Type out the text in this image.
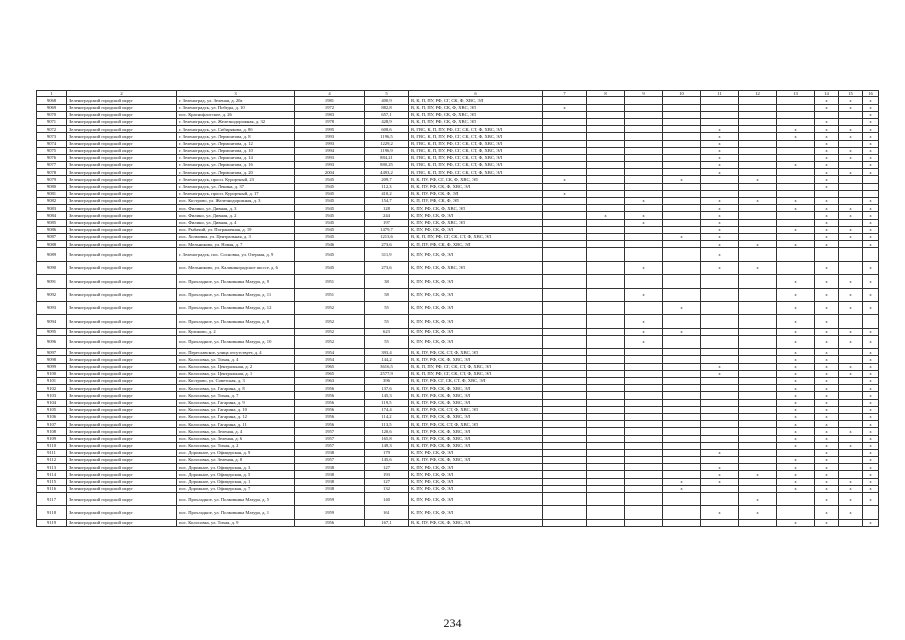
1	2	3	4	5	6	7	8	9	10	11	12	13	14	15	16
9068	Зеленоградский городской округ	г. Зеленоград, ул. Зеленая, д. 20а	1981	400,9	В, К, П, ПУ, РФ, СГ, СК, Ф, ХВС, ЭЛ								x	x	x
9069	Зеленоградский городской округ	г. Зеленоградск, ул. Победы, д. 10	1972	882,8	В, К, П, ПУ, РФ, СК, Ф, ХВС, ЭЛ	x							x	x	x
9070	Зеленоградский городской округ	пос. Краснофлотское, д. 26	1983	657,1	В, К, П, ПУ, РФ, СК, Ф, ХВС, ЭЛ										x
9071	Зеленоградский городской округ	г. Зеленоградск, ул. Железнодорожная, д. 32	1978	428,9	В, К, П, ПУ, РФ, СК, Ф, ХВС, ЭЛ								x		x
9072	Зеленоградский городской округ	г. Зеленоградск, ул. Сибирякова, д. 8б	1995	608,6	В, ГВС, К, П, ПУ, РФ, СГ, СК, СТ, Ф, ХВС, ЭЛ					x		x	x	x	x
9073	Зеленоградский городской округ	г. Зеленоградск, ул. Лермонтова, д. 8	1993	1196,5	В, ГВС, К, П, ПУ, РФ, СГ, СК, СТ, Ф, ХВС, ЭЛ					x		x	x	x	x
9074	Зеленоградский городской округ	г. Зеленоградск, ул. Лермонтова, д. 12	1993	1229,2	В, ГВС, К, П, ПУ, РФ, СГ, СК, СТ, Ф, ХВС, ЭЛ					x			x		x
9075	Зеленоградский городской округ	г. Зеленоградск, ул. Лермонтова, д. 10	1994	1196,9	В, ГВС, К, П, ПУ, РФ, СГ, СК, СТ, Ф, ХВС, ЭЛ					x			x	x	x
9076	Зеленоградский городской округ	г. Зеленоградск, ул. Лермонтова, д. 14	1993	884,21	В, ГВС, К, П, ПУ, РФ, СГ, СК, СТ, Ф, ХВС, ЭЛ					x			x	x	x
9077	Зеленоградский городской округ	г. Зеленоградск, ул. Лермонтова, д. 16	1993	880,25	В, ГВС, К, П, ПУ, РФ, СГ, СК, СТ, Ф, ХВС, ЭЛ					x		x	x		x
9078	Зеленоградский городской округ	г. Зеленоградск, ул. Лермонтова, д. 20	2004	4493,2	В, ГВС, К, П, ПУ, РФ, СГ, СК, СТ, Ф, ХВС, ЭЛ					x			x	x	x
9079	Зеленоградский городской округ	г. Зеленоградск, просп. Курортный, 23	1945	209,7	В, К, ПУ, РФ, СГ, СК, Ф, ХВС, ЭЛ	x			x		x		x		
9080	Зеленоградский городской округ	г. Зеленоградск, ул. Ленина, д. 37	1945	112,3	В, К, ПУ, РФ, СК, Ф, ХВС, ЭЛ								x		
9081	Зеленоградский городской округ	г. Зеленоградск, просп. Курортный, д. 17	1945	410,2	В, К, ПУ, РФ, СК, Ф, ЭЛ	x									
9082	Зеленоградский городской округ	пос. Кострово, ул. Железнодорожная, д. 3	1945	154,7	К, П, ПУ, РФ, СК, Ф, ЭЛ			x		x	x	x	x		x
9083	Зеленоградский городской округ	пос. Филино, ул. Дивная, д. 3	1945	128	К, ПУ, РФ, СК, Ф, ХВС, ЭЛ					x		x	x	x	x
9084	Зеленоградский городской округ	пос. Филино, ул. Дивная, д. 2	1945	244	К, ПУ, РФ, СК, Ф, ЭЛ		x	x		x			x	x	x
9085	Зеленоградский городской округ	пос. Филино, ул. Дивная, д. 4	1945	197	К, ПУ, РФ, СК, Ф, ХВС, ЭЛ			x		x			x		x
9086	Зеленоградский городской округ	пос. Рыбачий, ул. Пограничная, д. 19	1945	1479,7	К, ПУ, РФ, СК, Ф, ЭЛ					x		x	x	x	x
9087	Зеленоградский городской округ	пос. Холмовка, ул. Центральная, д. 3	1945	1213,6	В, К, П, ПУ, РФ, СГ, СК, СТ, Ф, ХВС, ЭЛ				x	x			x	x	x
9088	Зеленоградский городской округ	пос. Мельниково, ул. Новая, д. 7	1946	273,6	К, П, ПУ, РФ, СК, Ф, ХВС, ЭЛ					x	x	x	x		x
9089	Зеленоградский городской округ	г. Зеленоградск, пос. Сосновка, ул. Озерная, д. 9	1945	311,9	К, ПУ, РФ, СК, Ф, ЭЛ					x					
9090	Зеленоградский городской округ	пос. Мельниково, ул. Калининградское шоссе, д. 6	1945	273,6	К, ПУ, РФ, СК, Ф, ХВС, ЭЛ			x		x	x		x		x
9091	Зеленоградский городской округ	пос. Прохладное, ул. Полковника Мазура, д. 9	1951	38	К, ПУ, РФ, СК, Ф, ЭЛ							x	x	x	x
9092	Зеленоградский городской округ	пос. Прохладное, ул. Полковника Мазура, д. 11	1951	58	К, ПУ, РФ, СК, Ф, ЭЛ			x				x	x	x	x
9093	Зеленоградский городской округ	пос. Прохладное, ул. Полковника Мазура, д. 12	1952	55	К, ПУ, РФ, СК, Ф, ЭЛ				x			x	x	x	x
9094	Зеленоградский городской округ	пос. Прохладное, ул. Полковника Мазура, д. 8	1952	55	К, ПУ, РФ, СК, Ф, ЭЛ			x				x	x		
9095	Зеленоградский городской округ	пос. Куликово, д. 2	1952	623	К, ПУ, РФ, СК, Ф, ЭЛ			x	x			x	x	x	x
9096	Зеленоградский городской округ	пос. Прохладное, ул. Полковника Мазура, д. 10	1952	55	К, ПУ, РФ, СК, Ф, ЭЛ			x				x	x	x	x
9097	Зеленоградский городской округ	пос. Переславское, улица отсутствует, д. 4	1954	393,4	В, К, ПУ, РФ, СК, СТ, Ф, ХВС, ЭЛ							x	x		x
9098	Зеленоградский городской округ	пос. Колосовка, ул. Тихая, д. 4	1954	144,2	В, К, ПУ, РФ, СК, Ф, ХВС, ЭЛ							x	x		x
9099	Зеленоградский городской округ	пос. Колосовка, ул. Центральная, д. 2	1965	3616,5	В, К, П, ПУ, РФ, СГ, СК, СТ, Ф, ХВС, ЭЛ					x		x	x	x	x
9100	Зеленоградский городской округ	пос. Колосовка, ул. Центральная, д. 1	1965	2577,9	В, К, П, ПУ, РФ, СГ, СК, СТ, Ф, ХВС, ЭЛ					x		x	x	x	x
9101	Зеленоградский городской округ	пос. Кострово, ул. Советская, д. 3	1963	396	В, К, ПУ, РФ, СГ, СК, СТ, Ф, ХВС, ЭЛ							x	x		x
9102	Зеленоградский городской округ	пос. Колосовка, ул. Гагарина, д. 8	1956	137,6	В, К, ПУ, РФ, СК, Ф, ХВС, ЭЛ							x	x		x
9103	Зеленоградский городской округ	пос. Колосовка, ул. Тихая, д. 7	1956	145,3	В, К, ПУ, РФ, СК, Ф, ХВС, ЭЛ							x	x		x
9104	Зеленоградский городской округ	пос. Колосовка, ул. Гагарина, д. 9	1956	119,5	В, К, ПУ, РФ, СК, Ф, ХВС, ЭЛ							x	x		x
9105	Зеленоградский городской округ	пос. Колосовка, ул. Гагарина, д. 10	1956	174,4	В, К, ПУ, РФ, СК, СТ, Ф, ХВС, ЭЛ							x	x		x
9106	Зеленоградский городской округ	пос. Колосовка, ул. Гагарина, д. 12	1956	114,2	В, К, ПУ, РФ, СК, Ф, ХВС, ЭЛ							x	x		x
9107	Зеленоградский городской округ	пос. Колосовка, ул. Гагарина, д. 11	1956	113,5	В, К, ПУ, РФ, СК, СТ, Ф, ХВС, ЭЛ							x	x		x
9108	Зеленоградский городской округ	пос. Колосовка, ул. Зеленая, д. 4	1957	120,6	В, К, ПУ, РФ, СК, Ф, ХВС, ЭЛ							x	x	x	x
9109	Зеленоградский городской округ	пос. Колосовка, ул. Зеленая, д. 6	1957	165,8	В, К, ПУ, РФ, СК, Ф, ХВС, ЭЛ							x	x		x
9110	Зеленоградский городской округ	пос. Колосовка, ул. Тихая, д. 2	1957	149,3	В, К, ПУ, РФ, СК, Ф, ХВС, ЭЛ							x	x	x	x
9111	Зеленоградский городской округ	пос. Дорожное, ул. Офицерская, д. 9	1938	179	К, ПУ, РФ, СК, Ф, ЭЛ					x			x		x
9112	Зеленоградский городской округ	пос. Колосовка, ул. Зеленая, д. 8	1957	145,6	В, К, ПУ, РФ, СК, Ф, ХВС, ЭЛ							x	x		x
9113	Зеленоградский городской округ	пос. Дорожное, ул. Офицерская, д. 3	1938	127	К, ПУ, РФ, СК, Ф, ЭЛ					x		x	x		x
9114	Зеленоградский городской округ	пос. Дорожное, ул. Офицерская, д. 5	1938	193	К, ПУ, РФ, СК, Ф, ЭЛ					x	x	x	x		x
9115	Зеленоградский городской округ	пос. Дорожное, ул. Офицерская, д. 1	1938	127	К, ПУ, РФ, СК, Ф, ЭЛ				x	x		x	x	x	x
9116	Зеленоградский городской округ	пос. Дорожное, ул. Офицерская, д. 7	1938	132	К, ПУ, РФ, СК, Ф, ЭЛ				x			x	x	x	x
9117	Зеленоградский городской округ	пос. Прохладное, ул. Полковника Мазура, д. 5	1959	140	К, ПУ, РФ, СК, Ф, ЭЛ						x		x	x	x
9118	Зеленоградский городской округ	пос. Прохладное, ул. Полковника Мазура, д. 1	1959	161	К, ПУ, РФ, СК, Ф, ЭЛ					x	x		x	x	
9119	Зеленоградский городской округ	пос. Колосовка, ул. Тихая, д. 9	1956	167,1	В, К, ПУ, РФ, СК, Ф, ХВС, ЭЛ							x	x		x
234
